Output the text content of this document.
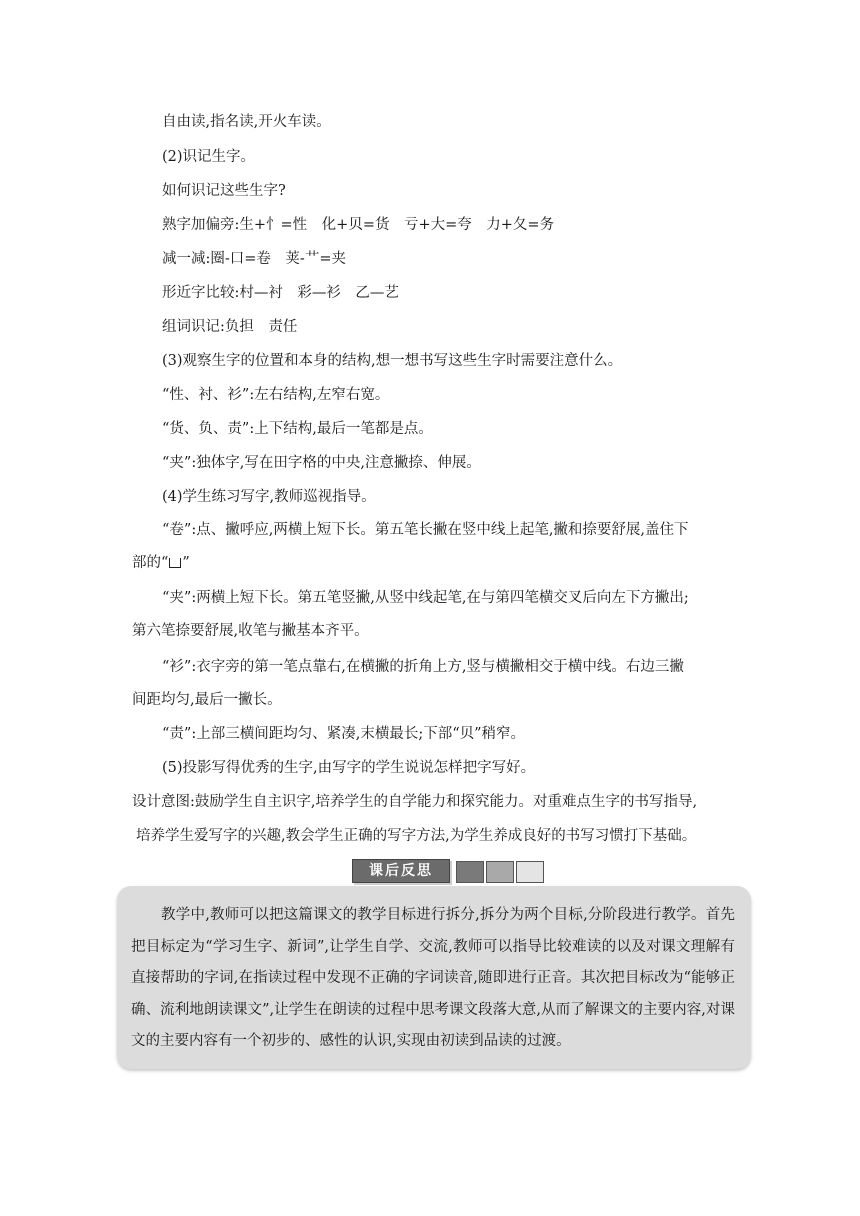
自由读,指名读,开火车读。
(2)识记生字。
如何识记这些生字?
熟字加偏旁:生+忄=性　化+贝=货　亏+大=夸　力+夂=务
减一减:圈-口=卷　荚-艹=夹
形近字比较:村—衬　彩—衫　乙—艺
组词识记:负担　责任
(3)观察生字的位置和本身的结构,想一想书写这些生字时需要注意什么。
“性、衬、衫”:左右结构,左窄右宽。
“货、负、责”:上下结构,最后一笔都是点。
“夹”:独体字,写在田字格的中央,注意撇捺、伸展。
(4)学生练习写字,教师巡视指导。
“卷”:点、撇呼应,两横上短下长。第五笔长撇在竖中线上起笔,撇和捺要舒展,盖住下
部的“ ”
“夹”:两横上短下长。第五笔竖撇,从竖中线起笔,在与第四笔横交叉后向左下方撇出;
第六笔捺要舒展,收笔与撇基本齐平。
“衫”:衣字旁的第一笔点靠右,在横撇的折角上方,竖与横撇相交于横中线。右边三撇
间距均匀,最后一撇长。
“责”:上部三横间距均匀、紧凑,末横最长;下部“贝”稍窄。
(5)投影写得优秀的生字,由写字的学生说说怎样把字写好。
设计意图:鼓励学生自主识字,培养学生的自学能力和探究能力。对重难点生字的书写指导,
培养学生爱写字的兴趣,教会学生正确的写字方法,为学生养成良好的书写习惯打下基础。
课后反思
教学中,教师可以把这篇课文的教学目标进行拆分,拆分为两个目标,分阶段进行教学。首先把目标定为“学习生字、新词”,让学生自学、交流,教师可以指导比较难读的以及对课文理解有直接帮助的字词,在指读过程中发现不正确的字词读音,随即进行正音。其次把目标改为“能够正确、流利地朗读课文”,让学生在朗读的过程中思考课文段落大意,从而了解课文的主要内容,对课文的主要内容有一个初步的、感性的认识,实现由初读到品读的过渡。
